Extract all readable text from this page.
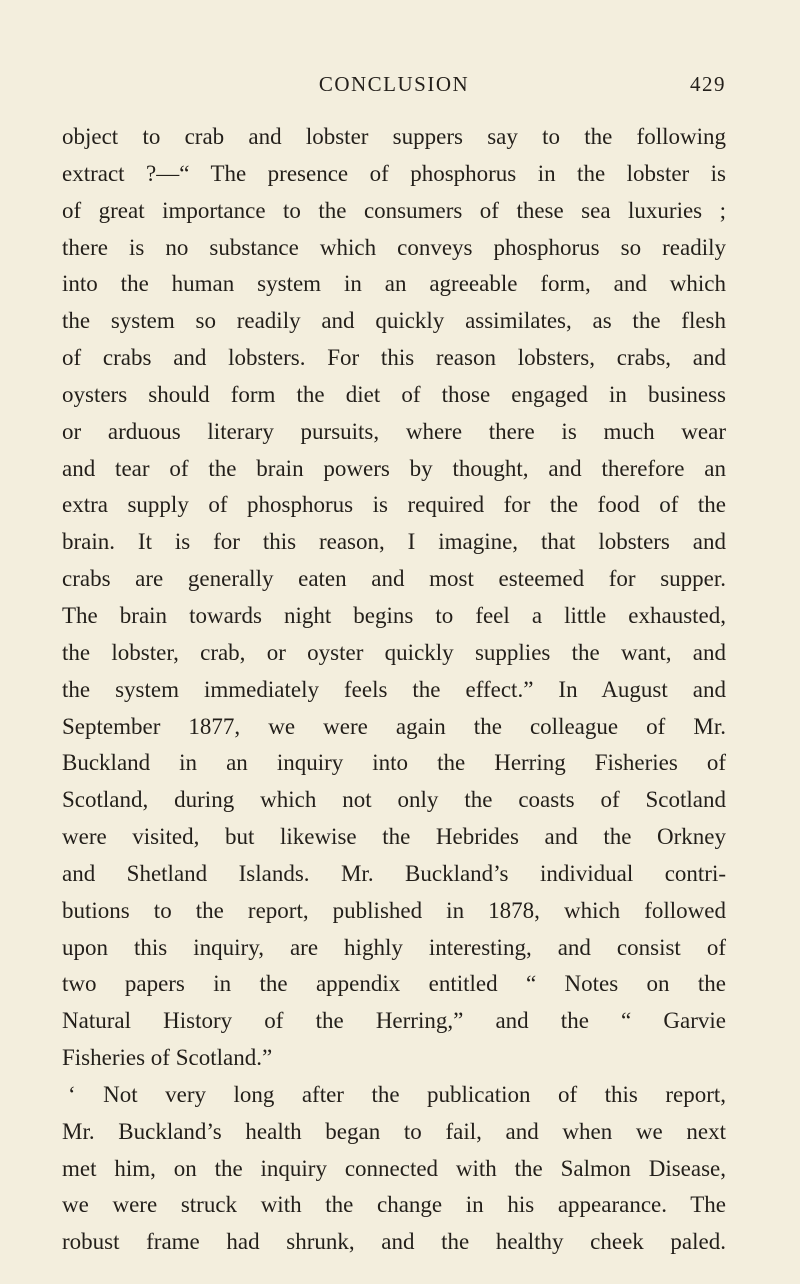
CONCLUSION	429
object to crab and lobster suppers say to the following
extract ?—“ The presence of phosphorus in the lobster is
of great importance to the consumers of these sea luxuries ;
there is no substance which conveys phosphorus so readily
into the human system in an agreeable form, and which
the system so readily and quickly assimilates, as the flesh
of crabs and lobsters. For this reason lobsters, crabs, and
oysters should form the diet of those engaged in business
or arduous literary pursuits, where there is much wear
and tear of the brain powers by thought, and therefore an
extra supply of phosphorus is required for the food of the
brain. It is for this reason, I imagine, that lobsters and
crabs are generally eaten and most esteemed for supper.
The brain towards night begins to feel a little exhausted,
the lobster, crab, or oyster quickly supplies the want, and
the system immediately feels the effect.” In August and
September 1877, we were again the colleague of Mr.
Buckland in an inquiry into the Herring Fisheries of
Scotland, during which not only the coasts of Scotland
were visited, but likewise the Hebrides and the Orkney
and Shetland Islands. Mr. Buckland’s individual contri-
butions to the report, published in 1878, which followed
upon this inquiry, are highly interesting, and consist of
two papers in the appendix entitled “ Notes on the
Natural History of the Herring,” and the “ Garvie
Fisheries of Scotland.”
‘ Not very long after the publication of this report,
Mr. Buckland’s health began to fail, and when we next
met him, on the inquiry connected with the Salmon Disease,
we were struck with the change in his appearance. The
robust frame had shrunk, and the healthy cheek paled.
